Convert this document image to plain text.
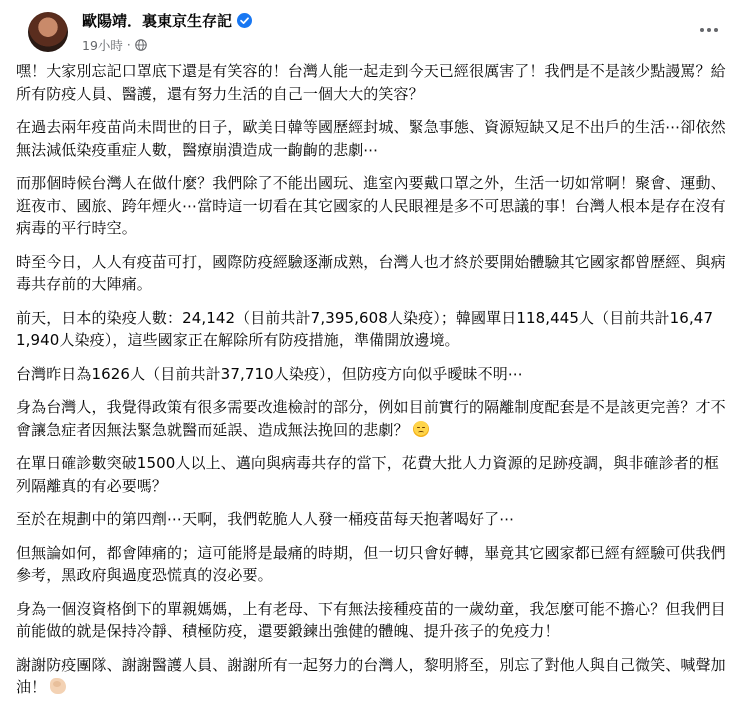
歐陽靖．裏東京生存記
19小時 ·

嘿！大家別忘記口罩底下還是有笑容的！台灣人能一起走到今天已經很厲害了！我們是不是該少點謾罵？給所有防疫人員、醫護，還有努力生活的自己一個大大的笑容？

在過去兩年疫苗尚未問世的日子，歐美日韓等國歷經封城、緊急事態、資源短缺又足不出戶的生活⋯卻依然無法減低染疫重症人數，醫療崩潰造成一齣齣的悲劇⋯

而那個時候台灣人在做什麼？我們除了不能出國玩、進室內要戴口罩之外，生活一切如常啊！聚會、運動、逛夜市、國旅、跨年煙火⋯當時這一切看在其它國家的人民眼裡是多不可思議的事！台灣人根本是存在沒有病毒的平行時空。

時至今日，人人有疫苗可打，國際防疫經驗逐漸成熟，台灣人也才終於要開始體驗其它國家都曾歷經、與病毒共存前的大陣痛。

前天，日本的染疫人數：24,142（目前共計7,395,608人染疫）；韓國單日118,445人（目前共計16,471,940人染疫），這些國家正在解除所有防疫措施，準備開放邊境。

台灣昨日為1626人（目前共計37,710人染疫），但防疫方向似乎曖昧不明⋯

身為台灣人，我覺得政策有很多需要改進檢討的部分，例如目前實行的隔離制度配套是不是該更完善？才不會讓急症者因無法緊急就醫而延誤、造成無法挽回的悲劇？

在單日確診數突破1500人以上、邁向與病毒共存的當下，花費大批人力資源的足跡疫調，與非確診者的框列隔離真的有必要嗎？

至於在規劃中的第四劑⋯天啊，我們乾脆人人發一桶疫苗每天抱著喝好了⋯

但無論如何，都會陣痛的；這可能將是最痛的時期，但一切只會好轉，畢竟其它國家都已經有經驗可供我們參考，黑政府與過度恐慌真的沒必要。

身為一個沒資格倒下的單親媽媽，上有老母、下有無法接種疫苗的一歲幼童，我怎麼可能不擔心？但我們目前能做的就是保持冷靜、積極防疫，還要鍛鍊出強健的體魄、提升孩子的免疫力！

謝謝防疫團隊、謝謝醫護人員、謝謝所有一起努力的台灣人，黎明將至，別忘了對他人與自己微笑、喊聲加油！
